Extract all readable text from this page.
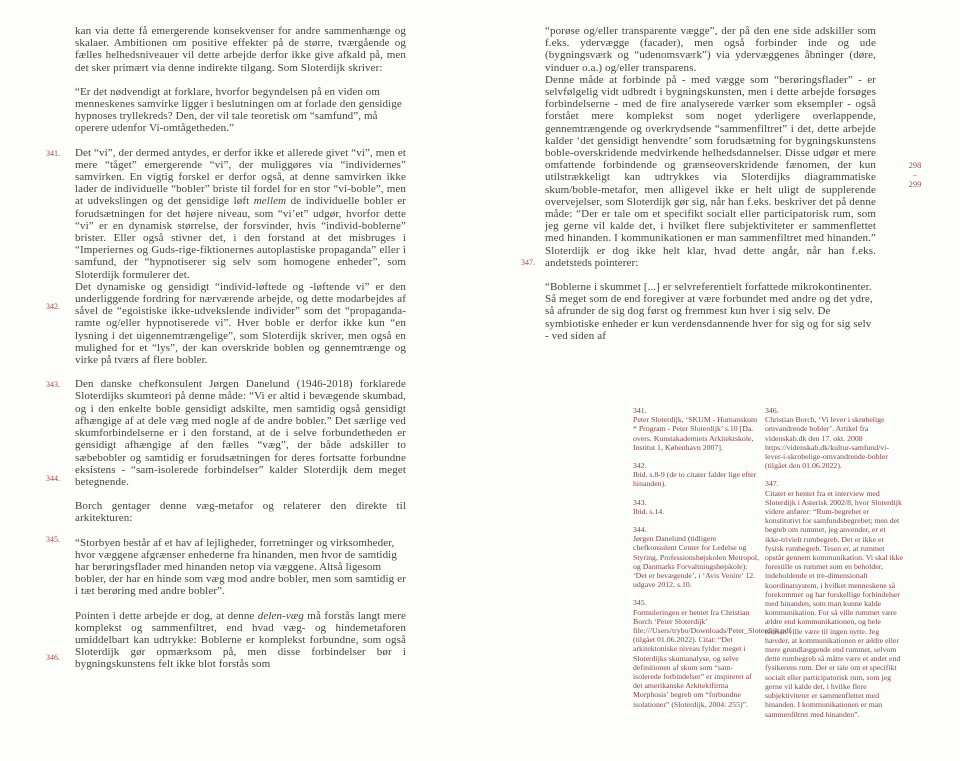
341.
342.
343.
344.
345.
346.
347.

kan via dette få emergerende konsekvenser for andre sammenhænge og skalaer. Ambitionen om positive effekter på de større, tværgående og fælles helhedsniveauer vil dette arbejde derfor ikke give afkald på, men det sker primært via denne indirekte tilgang. Som Sloterdijk skriver:

“Er det nødvendigt at forklare, hvorfor begyndelsen på en viden om menneskenes samvirke ligger i beslutningen om at forlade den gensidige hypnoses tryllekreds? Den, der vil tale teoretisk om “samfund”, må operere udenfor Vi-omtågetheden.”

Det “vi”, der dermed antydes, er derfor ikke et allerede givet “vi”, men et mere “tåget” emergerende “vi”, der muliggøres via “individernes” samvirken. En vigtig forskel er derfor også, at denne samvirken ikke lader de individuelle “bobler” briste til fordel for en stor “vi-boble”, men at udvekslingen og det gensidige løft mellem de individuelle bobler er forudsætningen for det højere niveau, som “vi’et” udgør, hvorfor dette “vi” er en dynamisk størrelse, der forsvinder, hvis “individ-boblerne” brister. Eller også stivner det, i den forstand at det misbruges i “Imperiernes og Guds-rige-fiktionernes autoplastiske propaganda” eller i samfund, der “hypnotiserer sig selv som homogene enheder”, som Sloterdijk formulerer det.

Det dynamiske og gensidigt “individ-løftede og -løftende vi” er den underliggende fordring for nærværende arbejde, og dette modarbejdes af såvel de “egoistiske ikke-udvekslende individer” som det “propaganda-ramte og/eller hypnotiserede vi”. Hver boble er derfor ikke kun “en lysning i det uigennemtrængelige”, som Sloterdijk skriver, men også en mulighed for et “lys”, der kan overskride boblen og gennemtrænge og virke på tværs af flere bobler.

Den danske chefkonsulent Jørgen Danelund (1946-2018) forklarede Sloterdijks skumteori på denne måde: “Vi er altid i bevægende skumbad, og i den enkelte boble gensidigt adskilte, men samtidig også gensidigt afhængige af at dele væg med nogle af de andre bobler.” Det særlige ved skumforbindelserne er i den forstand, at de i selve forbundetheden er gensidigt afhængige af den fælles “væg”, der både adskiller to sæbebobler og samtidig er forudsætningen for deres fortsatte forbundne eksistens - “sam-isolerede forbindelser” kalder Sloterdijk dem meget betegnende.

Borch gentager denne væg-metafor og relaterer den direkte til arkitekturen:

“Storbyen består af et hav af lejligheder, forretninger og virksomheder, hvor væggene afgrænser enhederne fra hinanden, men hvor de samtidig har berøringsflader med hinanden netop via væggene. Altså ligesom bobler, der har en hinde som væg mod andre bobler, men som samtidig er i tæt berøring med andre bobler”.

Pointen i dette arbejde er dog, at denne delen-væg må forstås langt mere komplekst og sammenfiltret, end hvad væg- og hindemetaforen umiddelbart kan udtrykke: Boblerne er komplekst forbundne, som også Sloterdijk gør opmærksom på, men disse forbindelser bør i bygningskunstens felt ikke blot forstås som

“porøse og/eller transparente vægge”, der på den ene side adskiller som f.eks. ydervægge (facader), men også forbinder inde og ude (bygningsværk og “udenomsværk”) via ydervæggenes åbninger (døre, vinduer o.a.) og/eller transparens.

Denne måde at forbinde på - med vægge som “berøringsflader” - er selvfølgelig vidt udbredt i bygningskunsten, men i dette arbejde forsøges forbindelserne - med de fire analyserede værker som eksempler - også forstået mere komplekst som noget yderligere overlappende, gennemtrængende og overkrydsende “sammenfiltret” i det, dette arbejde kalder ‘det gensidigt henvendte’ som forudsætning for bygningskunstens boble-overskridende medvirkende helhedsdannelser. Disse udgør et mere omfattende forbindende og grænseoverskridende fænomen, der kun utilstrækkeligt kan udtrykkes via Sloterdijks diagrammatiske skum/boble-metafor, men alligevel ikke er helt uligt de supplerende overvejelser, som Sloterdijk gør sig, når han f.eks. beskriver det på denne måde: “Der er tale om et specifikt socialt eller participatorisk rum, som jeg gerne vil kalde det, i hvilket flere subjektiviteter er sammenflettet med hinanden. I kommunikationen er man sammenfiltret med hinanden.” Sloterdijk er dog ikke helt klar, hvad dette angår, når han f.eks. andetsteds pointerer:

“Boblerne i skummet [...] er selvreferentielt forfattede mikrokontinenter. Så meget som de end foregiver at være forbundet med andre og det ydre, så afrunder de sig dog først og fremmest kun hver i sig selv. De symbiotiske enheder er kun verdensdannende hver for sig og for sig selv - ved siden af

341.
Peter Sloterdijk, ‘SKUM - Humanskum * Program - Peter Sloterdijk’ s.10 [Da. overs. Kunstakademiets Arkitektskole, Institut 1, København 2007].
342.
Ibid. s.8-9 (de to citater falder lige efter hinanden).
343.
Ibid. s.14.
344.
Jørgen Danelund (tidligere chefkonsulent Center for Ledelse og Styring, Professionshøjskolen Metropol, og Danmarks Forvaltningshøjskole): ‘Det er bevægende’, i ‘Avis Venire’ 12. udgave 2012, s.10.
345.
Formuleringen er hentet fra Christian Borch ‘Peter Sloterdijk’ file:///Users/trybo/Downloads/Peter_Sloterdijk.pdf (tilgået 01.06.2022). Citat: “Det arkitektoniske niveau fylder meget i Sloterdijks skumanalyse, og selve definitionen af skum som “sam-isolerede forbindelser” er inspireret af det amerikanske Arkitektfirma Morphosis’ begreb om “forbundne isolationer” (Sloterdijk, 2004: 255)”.
346.
Christian Borch, ‘Vi lever i skrøbelige omvandrende bobler’. Artikel fra videnskab.dk den 17. okt. 2008 https://videnskab.dk/kultur-samfund/vi-lever-i-skrobelige-omvandrende-bobler (tilgået den 01.06.2022).
347.
Citatet er hentet fra et interview med Sloterdijk i Asterisk 2002/8, hvor Sloterdijk videre anfører: “Rum-begrebet er konstitutivt for samfundsbegrebet; men det begreb om rummet, jeg anvender, er et ikke-trivielt rumbegreb. Det er ikke et fysisk rumbegreb. Tesen er, at rummet opstår gennem kommunikation. Vi skal ikke forestille os rummet som en beholder, indeholdende et tre-dimensionalt koordinatsystem, i hvilket menneskene så forekommer og har forskellige forbindelser med hinanden, som man kunne kalde kommunikation. For så ville rummet være ældre end kommunikationen, og hele teorien ville være til ingen nytte. Jeg hævder, at kommunikationen er ældre eller mere grundlæggende end rummet, selvom dette rumbegreb så måtte være et andet end fysikerens rum. Der er tale om et specifikt socialt eller participatorisk rum, som jeg gerne vil kalde det, i hvilke flere subjektiviteter er sammenflettet med hinanden. I kommunikationen er man sammenfiltret med hinanden”.
298
–
299
